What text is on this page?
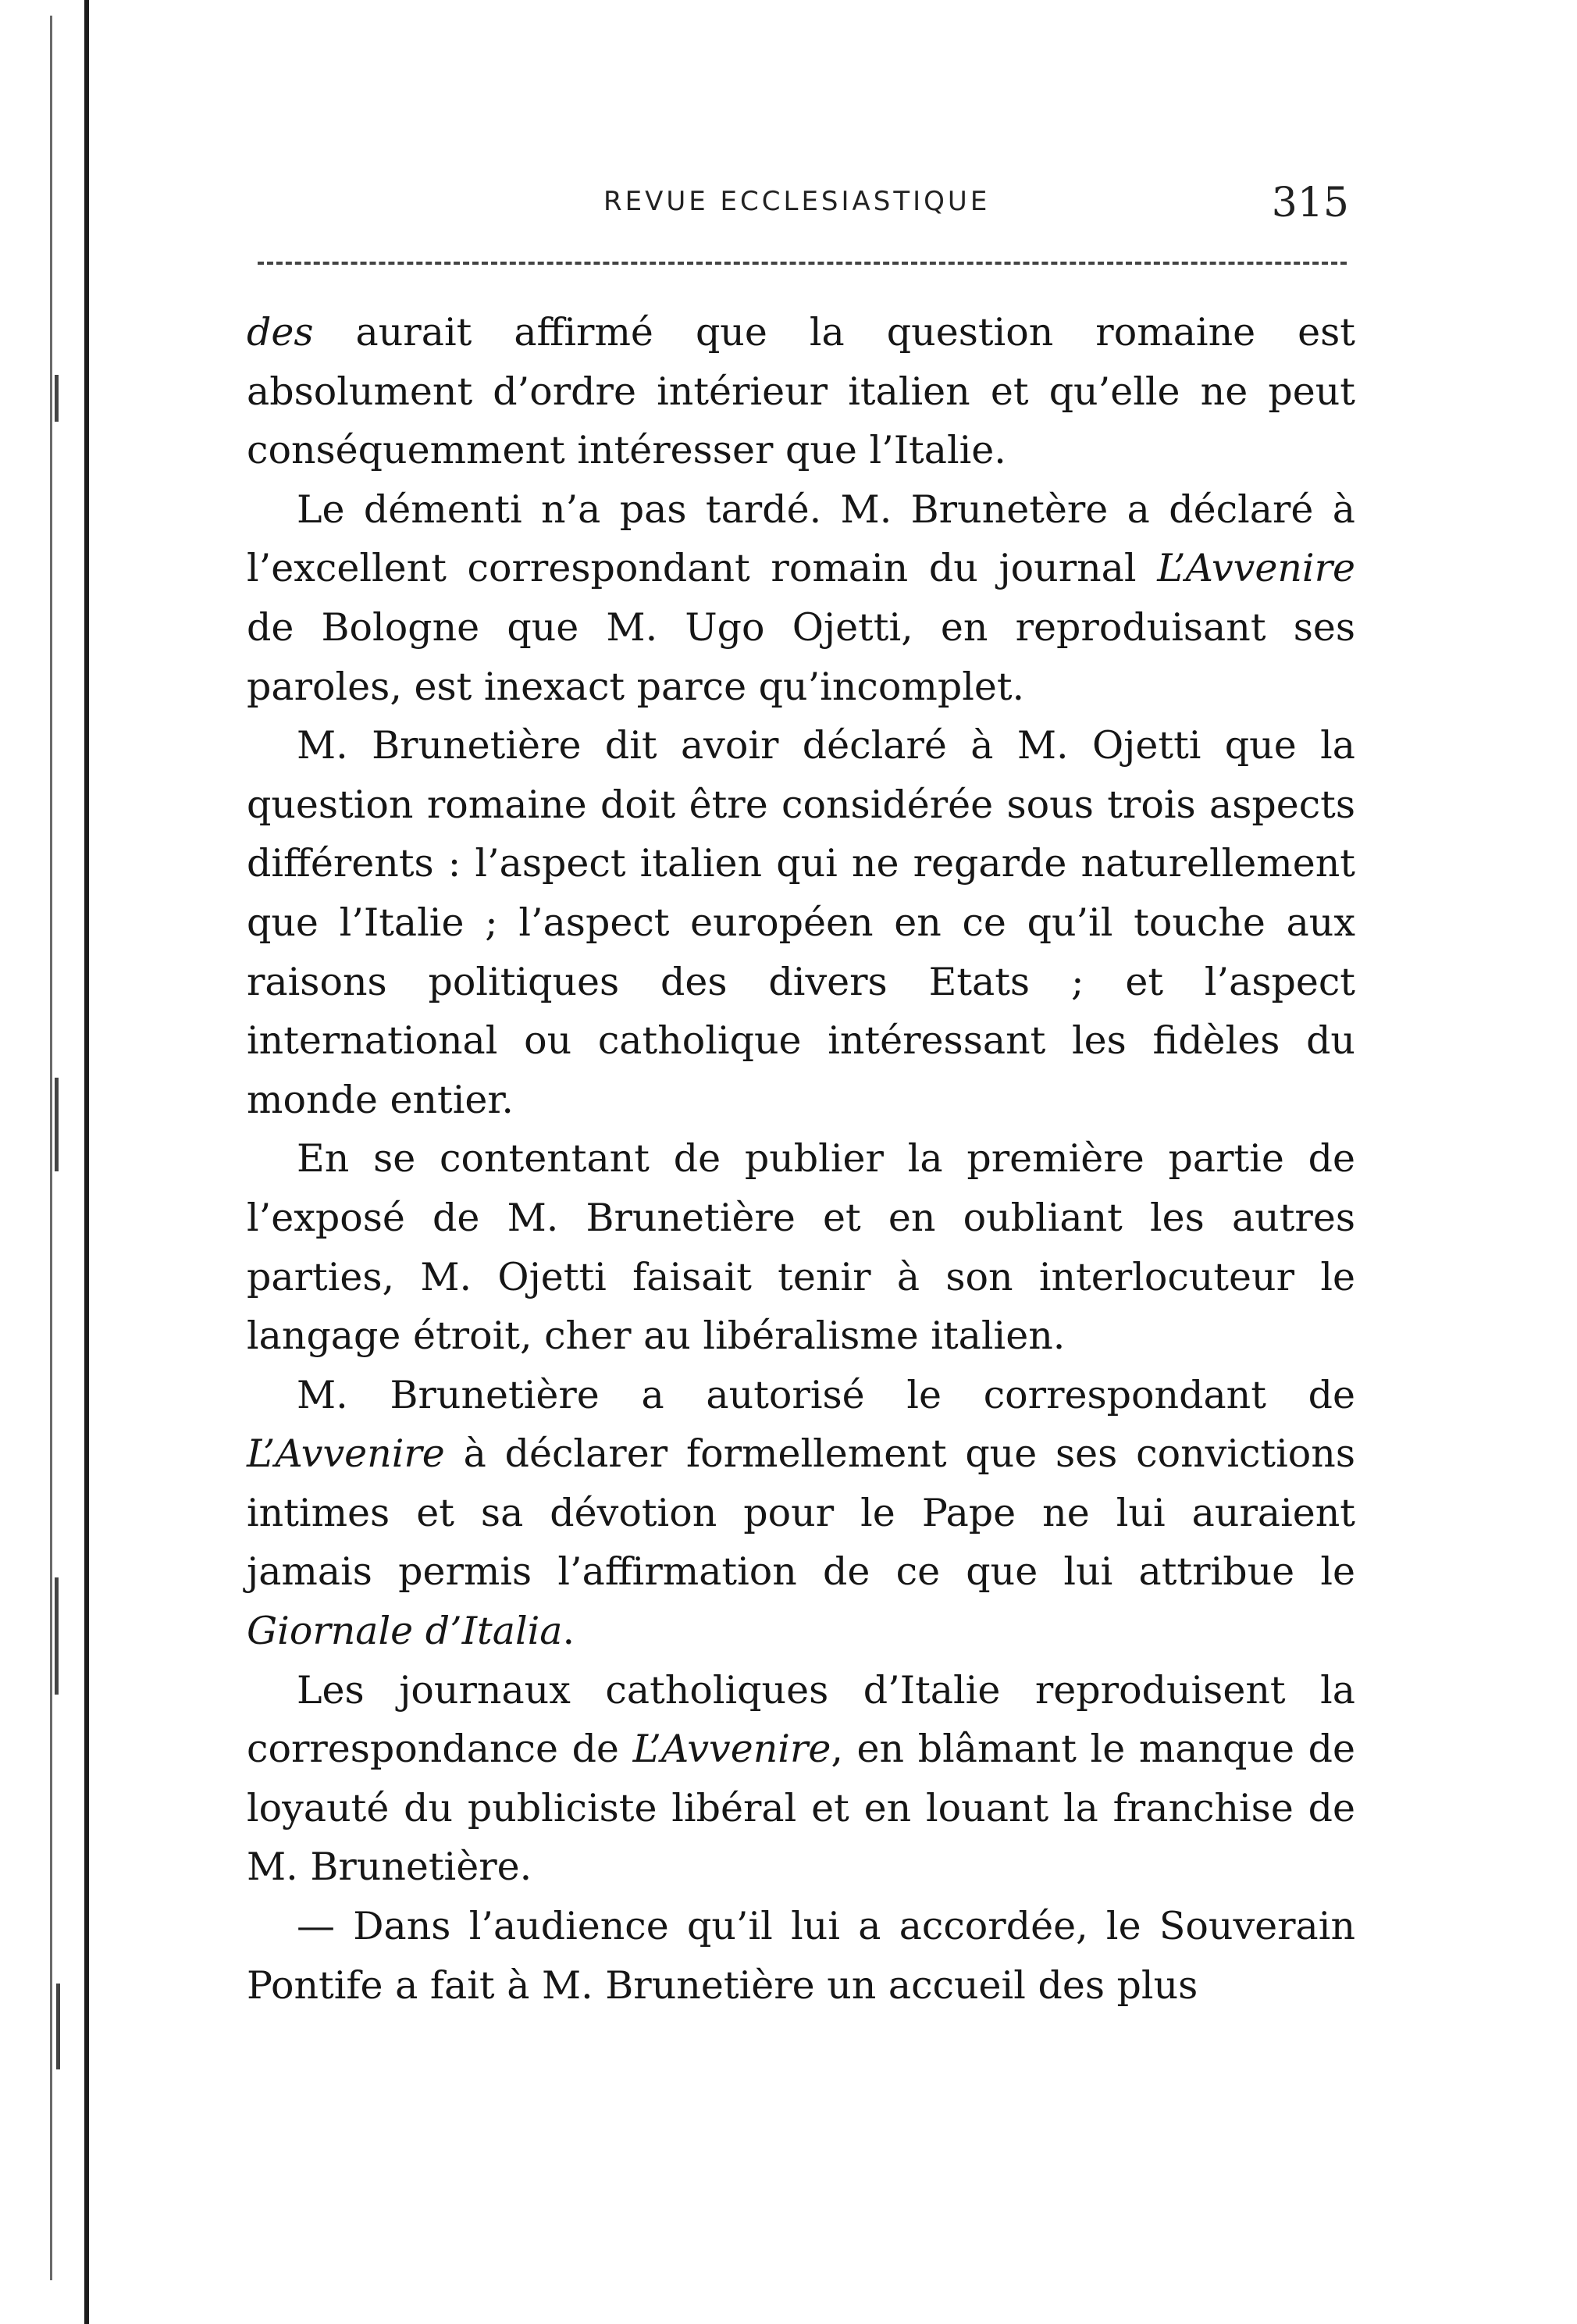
REVUE ECCLESIASTIQUE	315

des aurait affirmé que la question romaine est absolument d’ordre intérieur italien et qu’elle ne peut conséquemment intéresser que l’Italie.

Le démenti n’a pas tardé. M. Brunetère a déclaré à l’excellent correspondant romain du journal L’Avvenire de Bologne que M. Ugo Ojetti, en reproduisant ses paroles, est inexact parce qu’incomplet.

M. Brunetière dit avoir déclaré à M. Ojetti que la question romaine doit être considérée sous trois aspects différents : l’aspect italien qui ne regarde naturellement que l’Italie ; l’aspect européen en ce qu’il touche aux raisons politiques des divers Etats ; et l’aspect international ou catholique intéressant les fidèles du monde entier.

En se contentant de publier la première partie de l’exposé de M. Brunetière et en oubliant les autres parties, M. Ojetti faisait tenir à son interlocuteur le langage étroit, cher au libéralisme italien.

M. Brunetière a autorisé le correspondant de L’Avvenire à déclarer formellement que ses convictions intimes et sa dévotion pour le Pape ne lui auraient jamais permis l’affirmation de ce que lui attribue le Giornale d’Italia.

Les journaux catholiques d’Italie reproduisent la correspondance de L’Avvenire, en blâmant le manque de loyauté du publiciste libéral et en louant la franchise de M. Brunetière.

— Dans l’audience qu’il lui a accordée, le Souverain Pontife a fait à M. Brunetière un accueil des plus
